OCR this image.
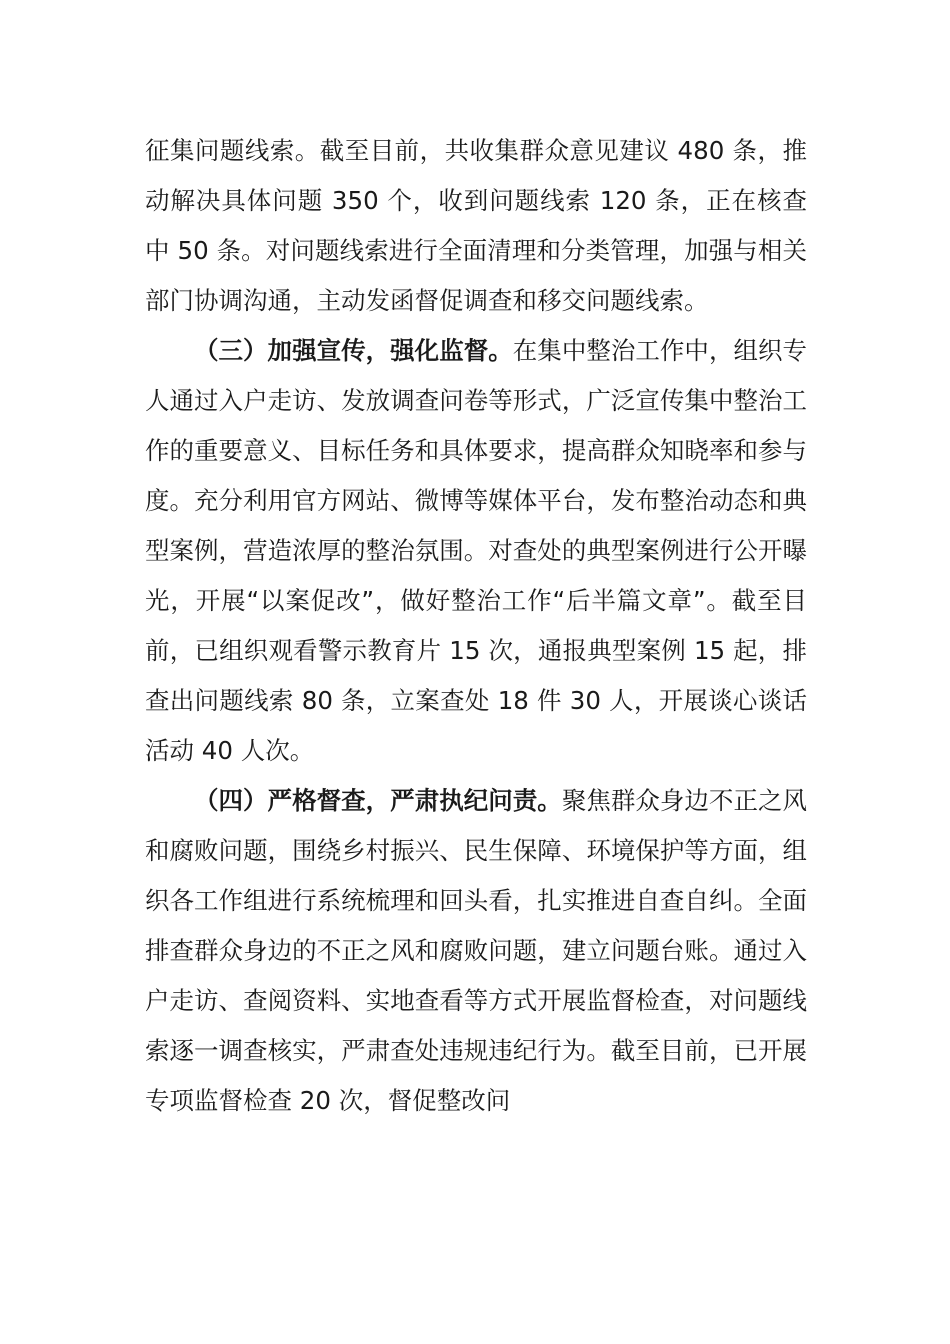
征集问题线索。截至目前，共收集群众意见建议 480 条，推动解决具体问题 350 个，收到问题线索 120 条，正在核查中 50 条。对问题线索进行全面清理和分类管理，加强与相关部门协调沟通，主动发函督促调查和移交问题线索。

（三）加强宣传，强化监督。在集中整治工作中，组织专人通过入户走访、发放调查问卷等形式，广泛宣传集中整治工作的重要意义、目标任务和具体要求，提高群众知晓率和参与度。充分利用官方网站、微博等媒体平台，发布整治动态和典型案例，营造浓厚的整治氛围。对查处的典型案例进行公开曝光，开展“以案促改”，做好整治工作“后半篇文章”。截至目前，已组织观看警示教育片 15 次，通报典型案例 15 起，排查出问题线索 80 条，立案查处 18 件 30 人，开展谈心谈话活动 40 人次。

（四）严格督查，严肃执纪问责。聚焦群众身边不正之风和腐败问题，围绕乡村振兴、民生保障、环境保护等方面，组织各工作组进行系统梳理和回头看，扎实推进自查自纠。全面排查群众身边的不正之风和腐败问题，建立问题台账。通过入户走访、查阅资料、实地查看等方式开展监督检查，对问题线索逐一调查核实，严肃查处违规违纪行为。截至目前，已开展专项监督检查 20 次，督促整改问
